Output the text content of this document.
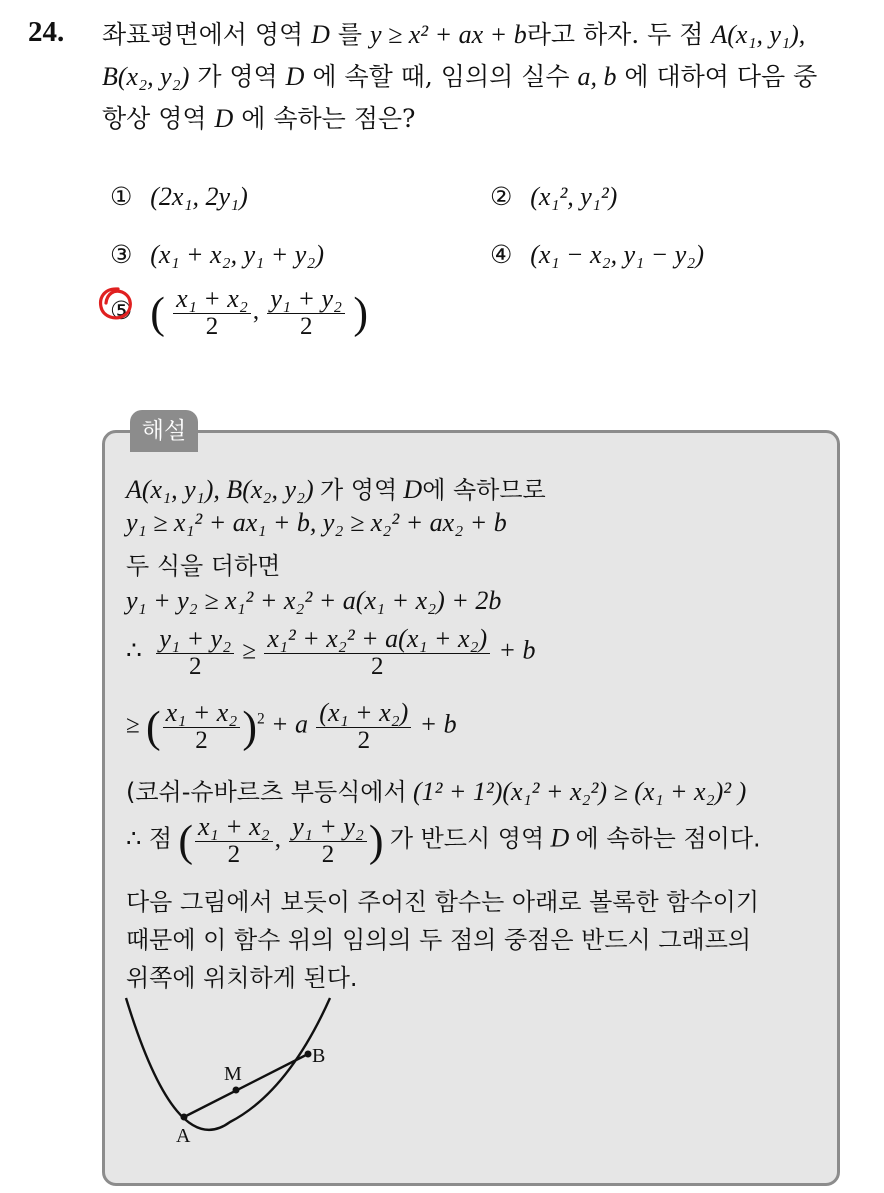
24. 좌표평면에서 영역 D 를 y ≥ x² + ax + b라고 하자. 두 점 A(x₁, y₁),

B(x₂, y₂) 가 영역 D 에 속할 때, 임의의 실수 a, b 에 대하여 다음 중

항상 영역 D 에 속하는 점은?

① (2x₁, 2y₁)	② (x₁², y₁²)
③ (x₁ + x₂, y₁ + y₂)	④ (x₁ − x₂, y₁ − y₂)
⑤ ( $\frac{\text{x₁ + x₂}}{2}$ , $\frac{\text{y₁ + y₂}}{2}$ )
해설
A(x₁, y₁), B(x₂, y₂) 가 영역 D에 속하므로
y₁ ≥ x₁² + ax₁ + b, y₂ ≥ x₂² + ax₂ + b
두 식을 더하면
y₁ + y₂ ≥ x₁² + x₂² + a(x₁ + x₂) + 2b
∴ $\frac{\text{y₁ + y₂}}{2} \ge \frac{\text{x₁² + x₂² + a(x₁ + x₂)}}{2} + b$
≥ ( $\frac{\text{x₁ + x₂}}{2} )^2 + a \frac{\text{(x₁ + x₂)}}{2} + b$
(코쉬-슈바르츠 부등식에서 (1² + 1²)(x₁² + x₂²) ≥ (x₁ + x₂)² )
∴ 점 ( $\frac{\text{x₁ + x₂}}{2}$ , $\frac{\text{y₁ + y₂}}{2}$ ) 가 반드시 영역 D 에 속하는 점이다.
다음 그림에서 보듯이 주어진 함수는 아래로 볼록한 함수이기
때문에 이 함수 위의 임의의 두 점의 중점은 반드시 그래프의
위쪽에 위치하게 된다.
A
M
B
